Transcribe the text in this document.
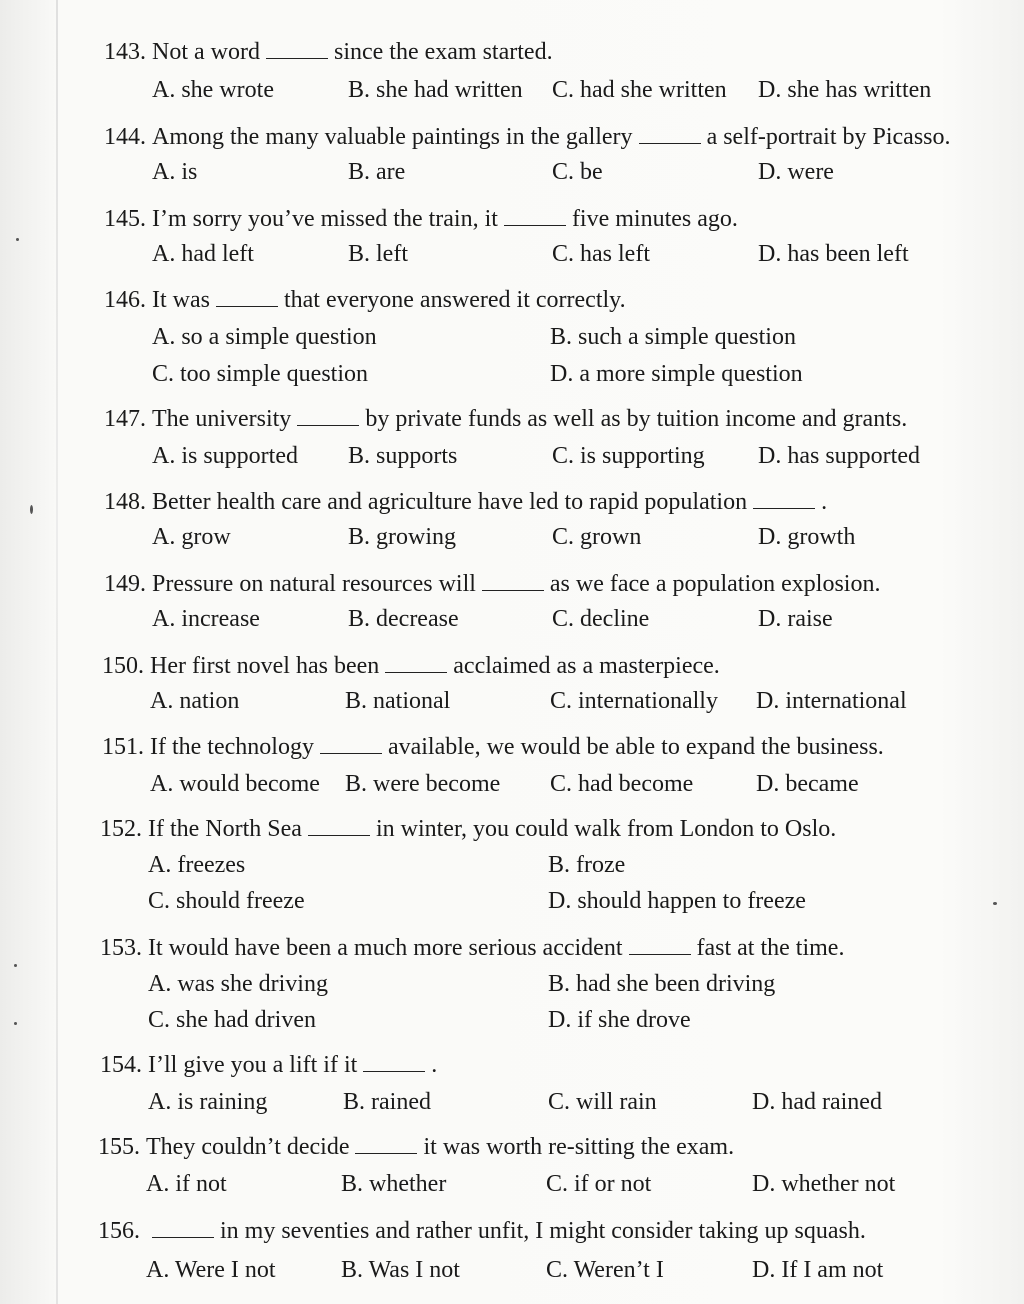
143. Not a word	since the exam started.
A. she wrote	B. she had written C. had she written D. she has written
144. Among the many valuable paintings in the gallery	a self-portrait by Picasso.
A. is	B. are	C. be	D. were
145. I’m sorry you’ve missed the train, it	five minutes ago.
A. had left	B. left	C. has left	D. has been left
146. It was	that everyone answered it correctly.
A. so a simple question	B. such a simple question
C. too simple question	D. a more simple question
147. The university	by private funds as well as by tuition income and grants.
A. is supported B. supports	C. is supporting D. has supported
148. Better health care and agriculture have led to rapid population	.
A. grow	B. growing	C. grown	D. growth
149. Pressure on natural resources will	as we face a population explosion.
A. increase	B. decrease	C. decline	D. raise
150. Her first novel has been	acclaimed as a masterpiece.
A. nation	B. national	C. internationally D. international
151. If the technology	available, we would be able to expand the business.
A. would become B. were become C. had become	D. became
152. If the North Sea	in winter, you could walk from London to Oslo.
A. freezes	B. froze
C. should freeze	D. should happen to freeze
153. It would have been a much more serious accident	fast at the time.
A. was she driving	B. had she been driving
C. she had driven	D. if she drove
154. I’ll give you a lift if it	.
A. is raining	B. rained	C. will rain	D. had rained
155. They couldn’t decide	it was worth re-sitting the exam.
A. if not	B. whether	C. if or not	D. whether not
156.	in my seventies and rather unfit, I might consider taking up squash.
A. Were I not	B. Was I not	C. Weren’t I	D. If I am not
